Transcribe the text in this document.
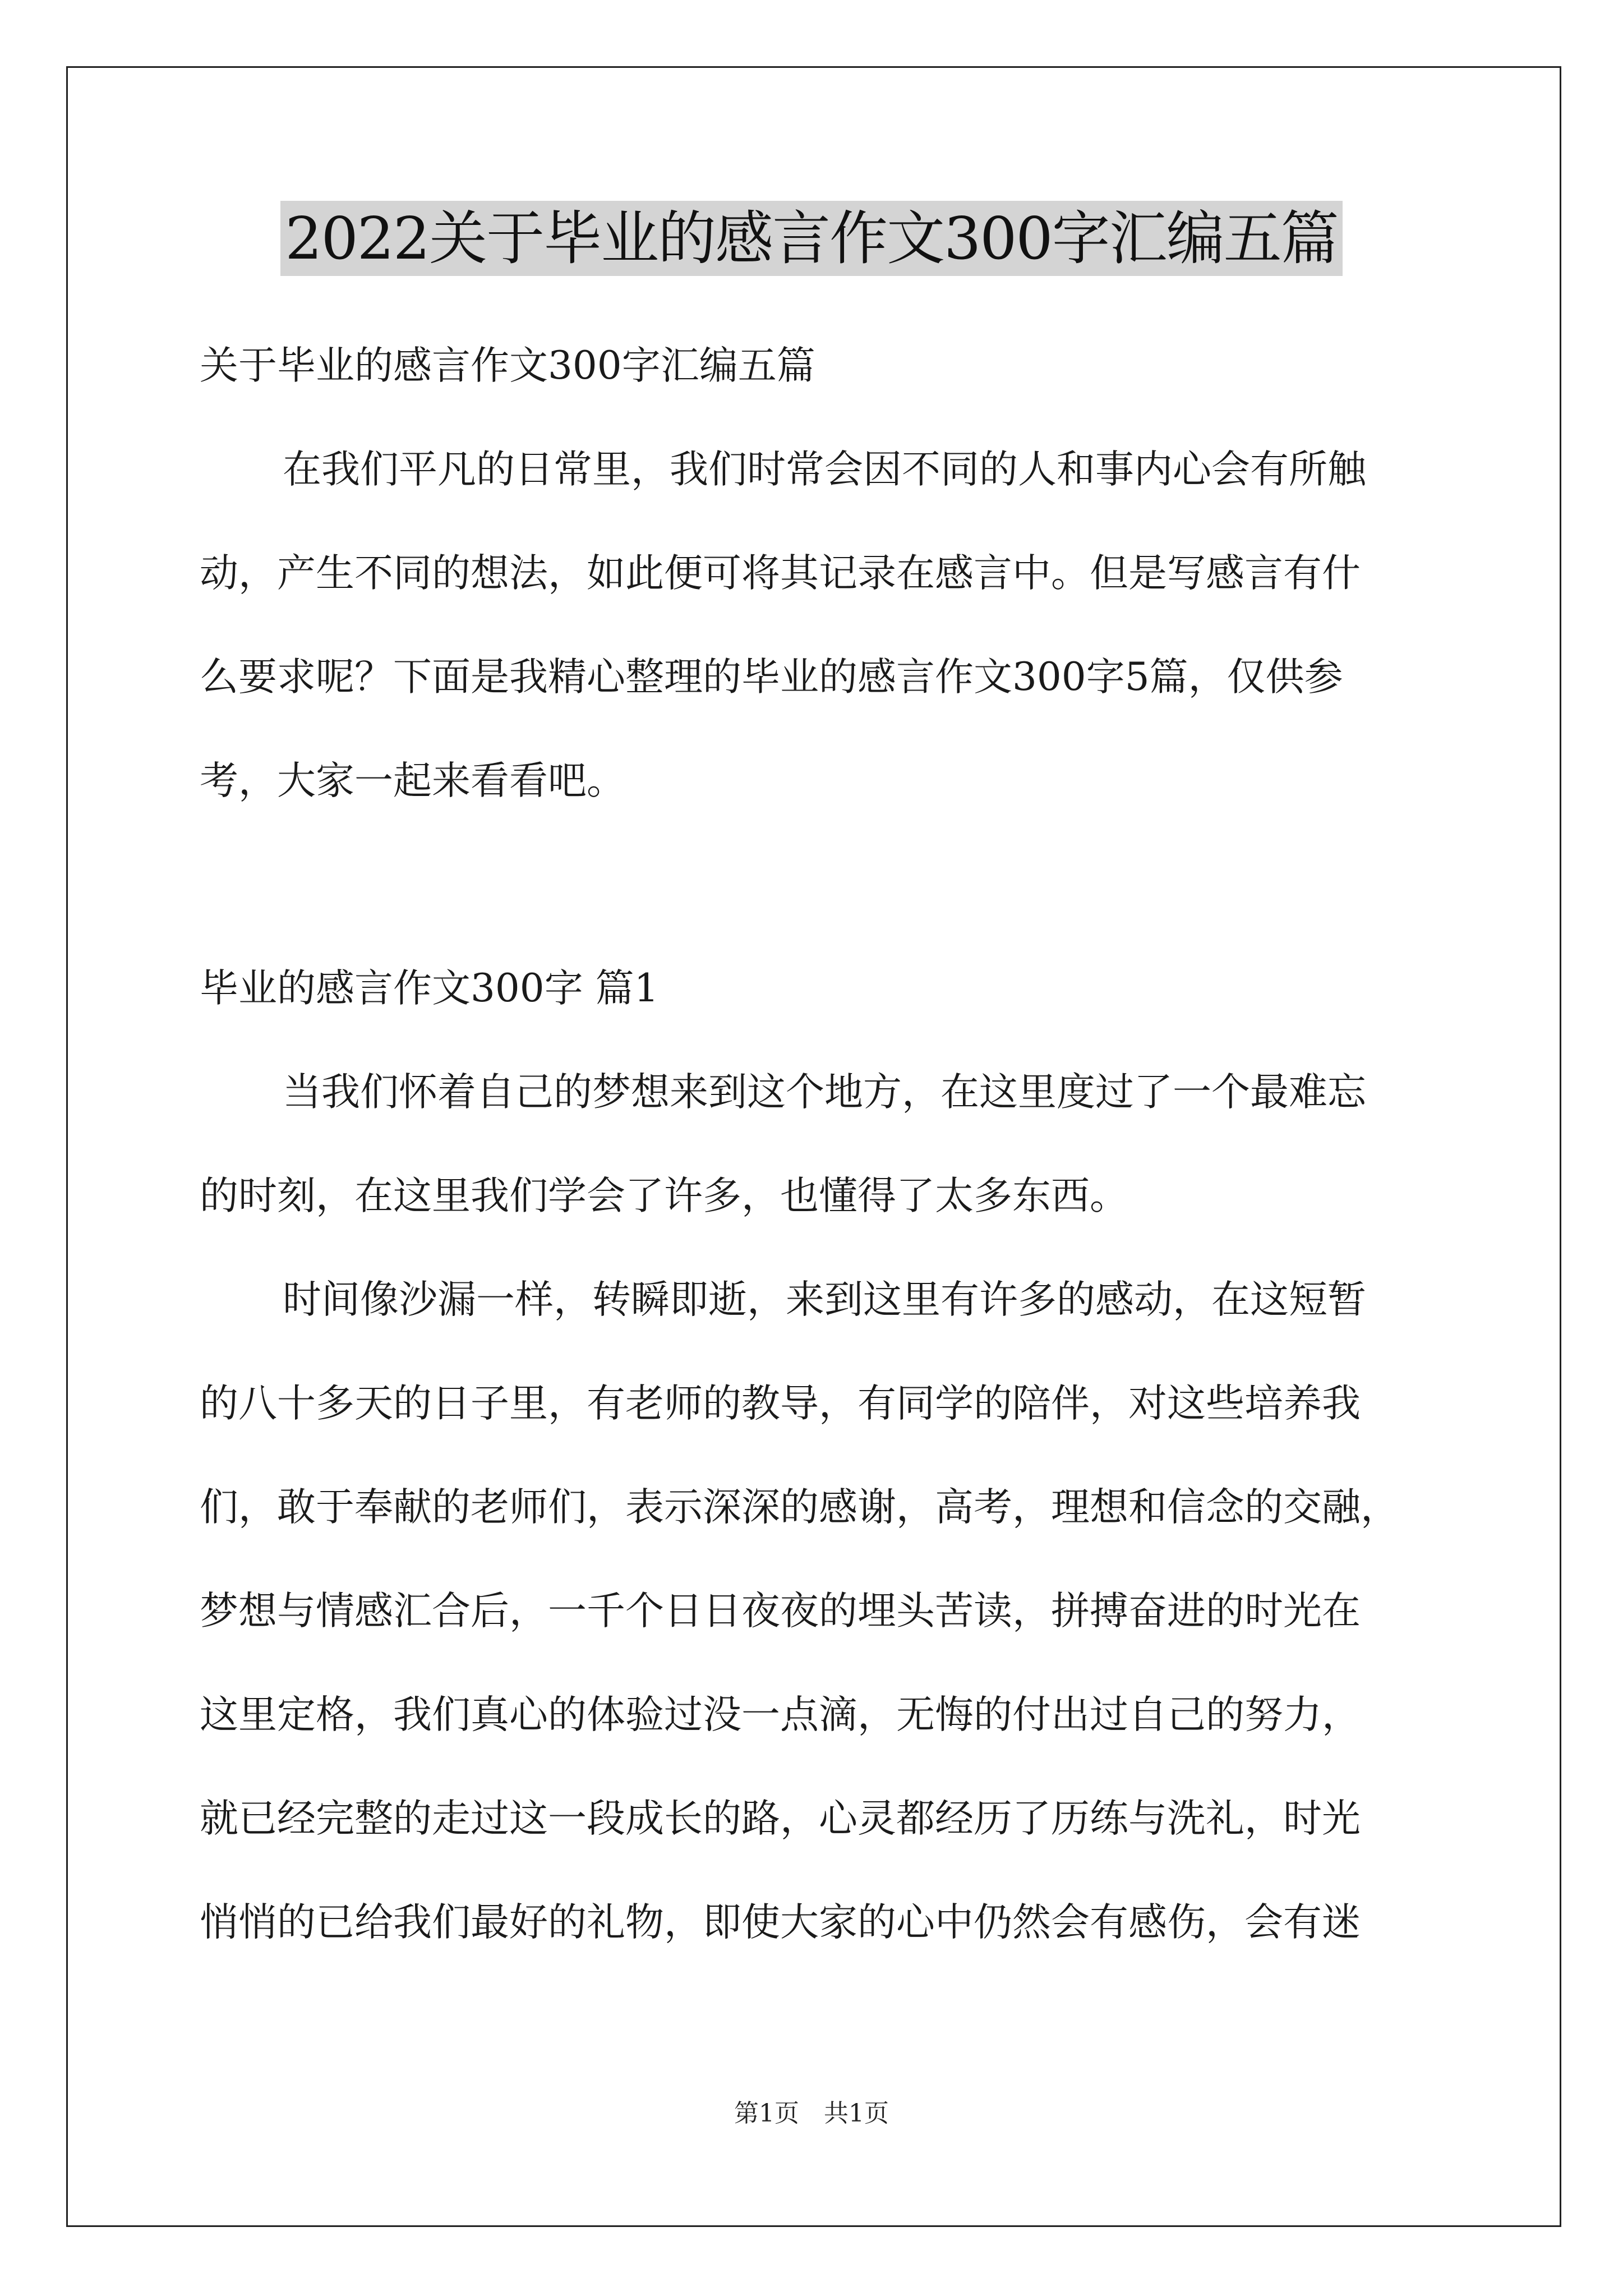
2022关于毕业的感言作文300字汇编五篇
关于毕业的感言作文300字汇编五篇
在我们平凡的日常里，我们时常会因不同的人和事内心会有所触
动，产生不同的想法，如此便可将其记录在感言中。但是写感言有什
么要求呢？下面是我精心整理的毕业的感言作文300字5篇，仅供参
考，大家一起来看看吧。
毕业的感言作文300字 篇1
当我们怀着自己的梦想来到这个地方，在这里度过了一个最难忘
的时刻，在这里我们学会了许多，也懂得了太多东西。
时间像沙漏一样，转瞬即逝，来到这里有许多的感动，在这短暂
的八十多天的日子里，有老师的教导，有同学的陪伴，对这些培养我
们，敢于奉献的老师们，表示深深的感谢，高考，理想和信念的交融，
梦想与情感汇合后，一千个日日夜夜的埋头苦读，拼搏奋进的时光在
这里定格，我们真心的体验过没一点滴，无悔的付出过自己的努力，
就已经完整的走过这一段成长的路，心灵都经历了历练与洗礼，时光
悄悄的已给我们最好的礼物，即使大家的心中仍然会有感伤，会有迷
第1页　共1页
